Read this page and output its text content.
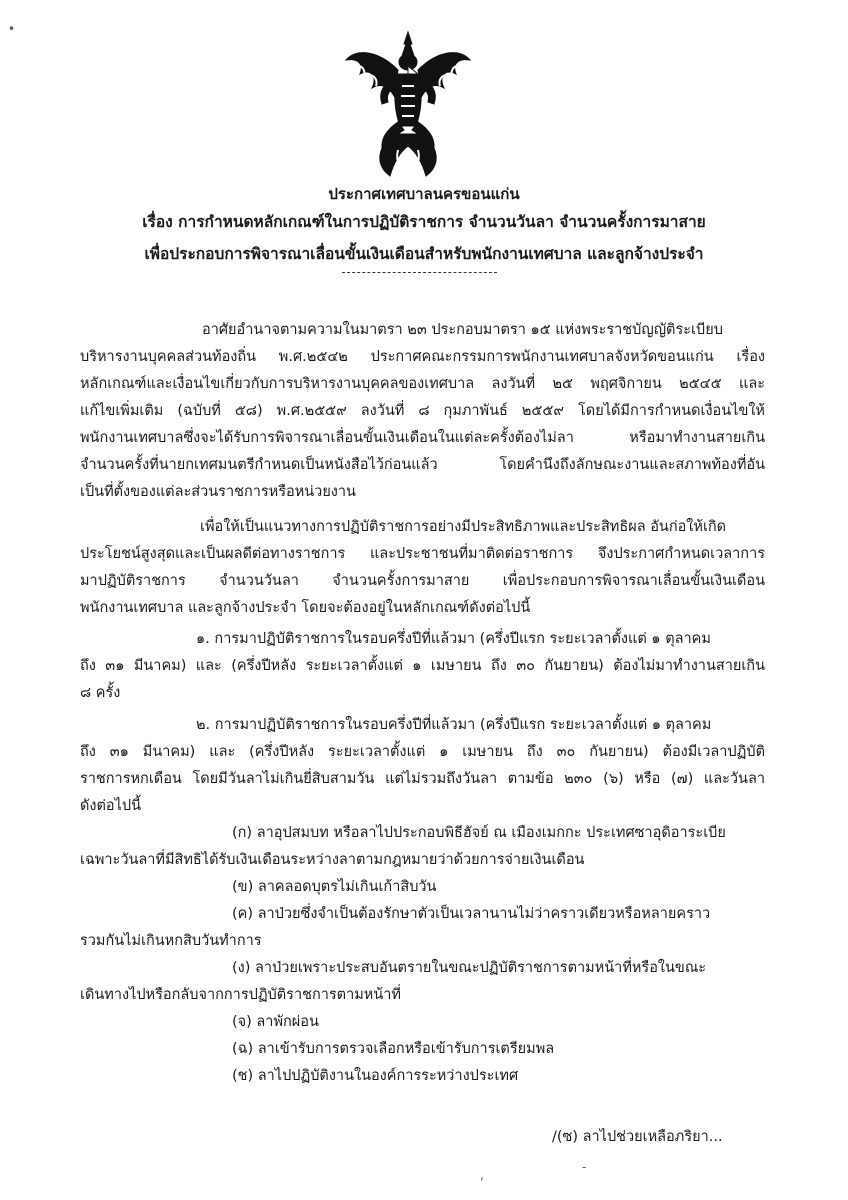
ประกาศเทศบาลนครขอนแก่น
เรื่อง การกำหนดหลักเกณฑ์ในการปฏิบัติราชการ จำนวนวันลา จำนวนครั้งการมาสาย
เพื่อประกอบการพิจารณาเลื่อนขั้นเงินเดือนสำหรับพนักงานเทศบาล และลูกจ้างประจำ
อาศัยอำนาจตามความในมาตรา ๒๓ ประกอบมาตรา ๑๕ แห่งพระราชบัญญัติระเบียบ
บริหารงานบุคคลส่วนท้องถิ่น พ.ศ.๒๕๔๒ ประกาศคณะกรรมการพนักงานเทศบาลจังหวัดขอนแก่น เรื่อง
หลักเกณฑ์และเงื่อนไขเกี่ยวกับการบริหารงานบุคคลของเทศบาล ลงวันที่ ๒๕ พฤศจิกายน ๒๕๔๕ และ
แก้ไขเพิ่มเติม (ฉบับที่ ๕๘) พ.ศ.๒๕๕๙ ลงวันที่ ๘ กุมภาพันธ์ ๒๕๕๙ โดยได้มีการกำหนดเงื่อนไขให้
พนักงานเทศบาลซึ่งจะได้รับการพิจารณาเลื่อนขั้นเงินเดือนในแต่ละครั้งต้องไม่ลา หรือมาทำงานสายเกิน
จำนวนครั้งที่นายกเทศมนตรีกำหนดเป็นหนังสือไว้ก่อนแล้ว โดยคำนึงถึงลักษณะงานและสภาพท้องที่อัน
เป็นที่ตั้งของแต่ละส่วนราชการหรือหน่วยงาน
เพื่อให้เป็นแนวทางการปฏิบัติราชการอย่างมีประสิทธิภาพและประสิทธิผล อันก่อให้เกิด
ประโยชน์สูงสุดและเป็นผลดีต่อทางราชการ และประชาชนที่มาติดต่อราชการ จึงประกาศกำหนดเวลาการ
มาปฏิบัติราชการ จำนวนวันลา จำนวนครั้งการมาสาย เพื่อประกอบการพิจารณาเลื่อนขั้นเงินเดือน
พนักงานเทศบาล และลูกจ้างประจำ โดยจะต้องอยู่ในหลักเกณฑ์ดังต่อไปนี้
๑. การมาปฏิบัติราชการในรอบครึ่งปีที่แล้วมา (ครึ่งปีแรก ระยะเวลาตั้งแต่ ๑ ตุลาคม
ถึง ๓๑ มีนาคม) และ (ครึ่งปีหลัง ระยะเวลาตั้งแต่ ๑ เมษายน ถึง ๓๐ กันยายน) ต้องไม่มาทำงานสายเกิน
๘ ครั้ง
๒. การมาปฏิบัติราชการในรอบครึ่งปีที่แล้วมา (ครึ่งปีแรก ระยะเวลาตั้งแต่ ๑ ตุลาคม
ถึง ๓๑ มีนาคม) และ (ครึ่งปีหลัง ระยะเวลาตั้งแต่ ๑ เมษายน ถึง ๓๐ กันยายน) ต้องมีเวลาปฏิบัติ
ราชการหกเดือน โดยมีวันลาไม่เกินยี่สิบสามวัน แต่ไม่รวมถึงวันลา ตามข้อ ๒๓๐ (๖) หรือ (๗) และวันลา
ดังต่อไปนี้
(ก) ลาอุปสมบท หรือลาไปประกอบพิธีฮัจย์ ณ เมืองเมกกะ ประเทศซาอุดิอาระเบีย
เฉพาะวันลาที่มีสิทธิได้รับเงินเดือนระหว่างลาตามกฎหมายว่าด้วยการจ่ายเงินเดือน
(ข) ลาคลอดบุตรไม่เกินเก้าสิบวัน
(ค) ลาป่วยซึ่งจำเป็นต้องรักษาตัวเป็นเวลานานไม่ว่าคราวเดียวหรือหลายคราว
รวมกันไม่เกินหกสิบวันทำการ
(ง) ลาป่วยเพราะประสบอันตรายในขณะปฏิบัติราชการตามหน้าที่หรือในขณะ
เดินทางไปหรือกลับจากการปฏิบัติราชการตามหน้าที่
(จ) ลาพักผ่อน
(ฉ) ลาเข้ารับการตรวจเลือกหรือเข้ารับการเตรียมพล
(ช) ลาไปปฏิบัติงานในองค์การระหว่างประเทศ
/(ซ) ลาไปช่วยเหลือภริยา...
•
,
-
